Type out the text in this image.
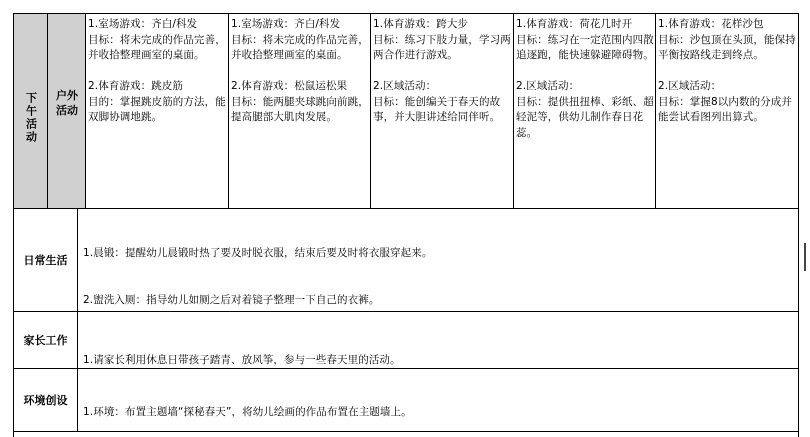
下午活动	户外活动
1.室场游戏：齐白/科发
目标：将未完成的作品完善，并收拾整理画室的桌面。

2.体育游戏：跳皮筋
目的：掌握跳皮筋的方法，能双脚协调地跳。
1.室场游戏：齐白/科发
目标：将未完成的作品完善，并收拾整理画室的桌面。

2.体育游戏：松鼠运松果
目标：能两腿夹球跳向前跳，提高腿部大肌肉发展。
1.体育游戏：跨大步
目标：练习下肢力量，学习两两合作进行游戏。

2.区域活动：
目标：能创编关于春天的故事，并大胆讲述给同伴听。
1.体育游戏：荷花几时开
目标：练习在一定范围内四散追逐跑，能快速躲避障碍物。

2.区域活动：
目标：提供扭扭棒、彩纸、超轻泥等，供幼儿制作春日花蕊。
1.体育游戏：花样沙包
目标：沙包顶在头顶，能保持平衡按路线走到终点。

2.区域活动：
目标：掌握8以内数的分成并能尝试看图列出算式。
日常生活

1.晨锻：提醒幼儿晨锻时热了要及时脱衣服，结束后要及时将衣服穿起来。

2.盥洗入厕：指导幼儿如厕之后对着镜子整理一下自己的衣裤。

家长工作

1.请家长利用休息日带孩子踏青、放风筝，参与一些春天里的活动。

环境创设

1.环境：布置主题墙“探秘春天”，将幼儿绘画的作品布置在主题墙上。
